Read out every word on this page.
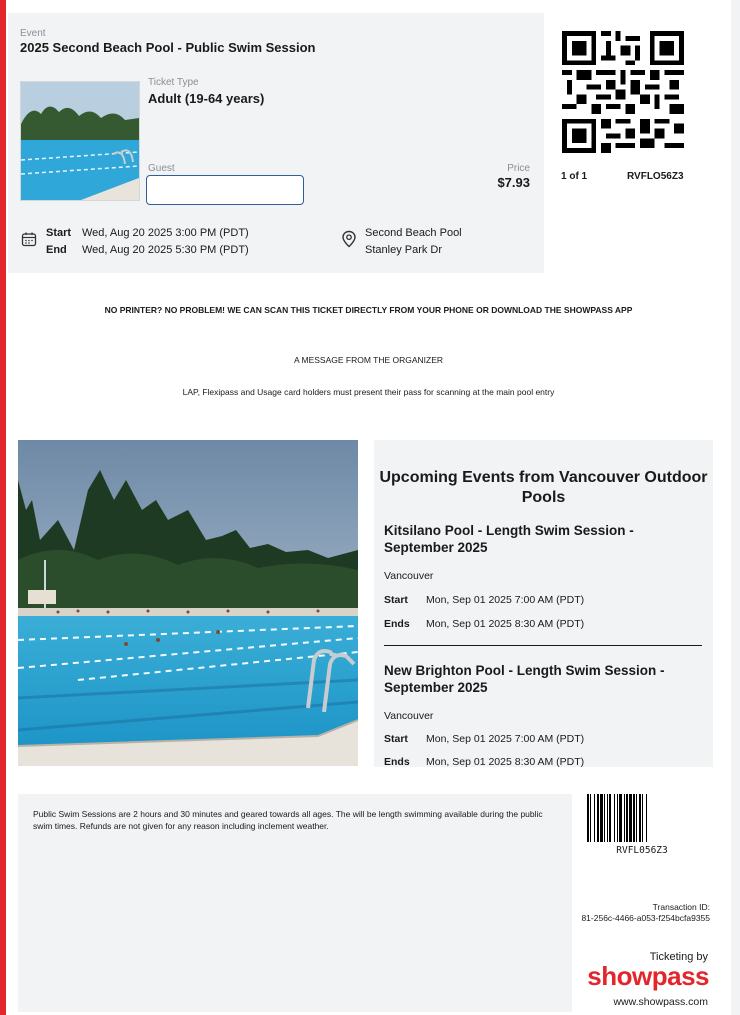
Event
2025 Second Beach Pool - Public Swim Session
Ticket Type
Adult (19-64 years)
Guest	Price
$7.93
Start Wed, Aug 20 2025 3:00 PM (PDT)
End Wed, Aug 20 2025 5:30 PM (PDT)
Second Beach Pool
Stanley Park Dr
1 of 1	RVFLO56Z3
NO PRINTER? NO PROBLEM! WE CAN SCAN THIS TICKET DIRECTLY FROM YOUR PHONE OR DOWNLOAD THE SHOWPASS APP
A MESSAGE FROM THE ORGANIZER
LAP, Flexipass and Usage card holders must present their pass for scanning at the main pool entry
Upcoming Events from Vancouver Outdoor Pools
Kitsilano Pool - Length Swim Session - September 2025
Vancouver
Start Mon, Sep 01 2025 7:00 AM (PDT)
Ends Mon, Sep 01 2025 8:30 AM (PDT)
New Brighton Pool - Length Swim Session - September 2025
Vancouver
Start Mon, Sep 01 2025 7:00 AM (PDT)
Ends Mon, Sep 01 2025 8:30 AM (PDT)
Public Swim Sessions are 2 hours and 30 minutes and geared towards all ages. The will be length swimming available during the public swim times. Refunds are not given for any reason including inclement weather.
RVFL056Z3
Transaction ID:
81-256c-4466-a053-f254bcfa9355
Ticketing by
showpass
www.showpass.com
